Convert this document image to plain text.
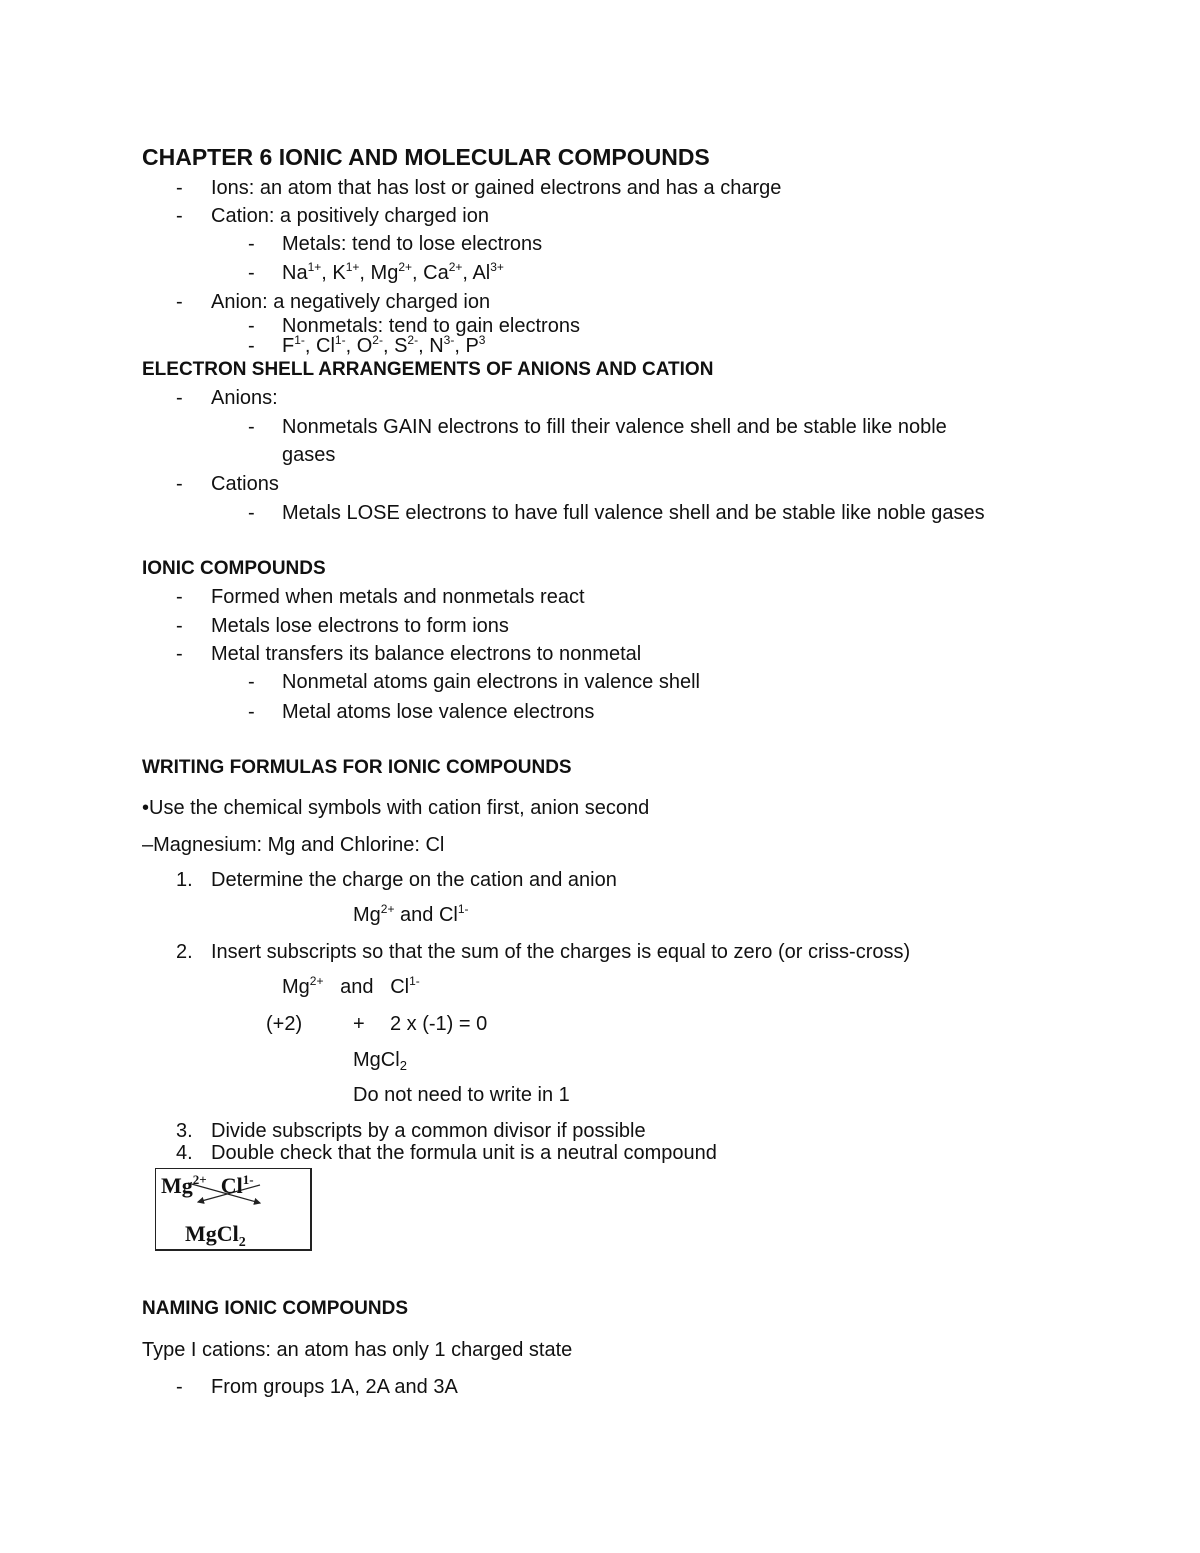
CHAPTER 6 IONIC AND MOLECULAR COMPOUNDS
- Ions: an atom that has lost or gained electrons and has a charge
- Cation: a positively charged ion
- Metals: tend to lose electrons
- $Na^{1+}$, $K^{1+}$, $Mg^{2+}$, $Ca^{2+}$, $Al^{3+}$
- Anion: a negatively charged ion
- Nonmetals: tend to gain electrons
- $F^{1-}$, $Cl^{1-}$, $O^{2-}$, $S^{2-}$, $N^{3-}$, $P^3$
ELECTRON SHELL ARRANGEMENTS OF ANIONS AND CATION
- Anions:
- Nonmetals GAIN electrons to fill their valence shell and be stable like noble
gases
- Cations
- Metals LOSE electrons to have full valence shell and be stable like noble gases
IONIC COMPOUNDS
- Formed when metals and nonmetals react
- Metals lose electrons to form ions
- Metal transfers its balance electrons to nonmetal
- Nonmetal atoms gain electrons in valence shell
- Metal atoms lose valence electrons
WRITING FORMULAS FOR IONIC COMPOUNDS
•Use the chemical symbols with cation first, anion second
–Magnesium: Mg and Chlorine: Cl
1. Determine the charge on the cation and anion
$Mg^{2+}$ and $Cl^{1-}$
2. Insert subscripts so that the sum of the charges is equal to zero (or criss-cross)
$Mg^{2+}$ and $Cl^{1-}$
(+2)	+ 2 x (-1) = 0
MgCl$_2$
Do not need to write in 1
3. Divide subscripts by a common divisor if possible
4. Double check that the formula unit is a neutral compound
$Mg^{2+}$ $Cl^{1-}$
MgCl$_2$
NAMING IONIC COMPOUNDS
Type I cations: an atom has only 1 charged state
- From groups 1A, 2A and 3A
